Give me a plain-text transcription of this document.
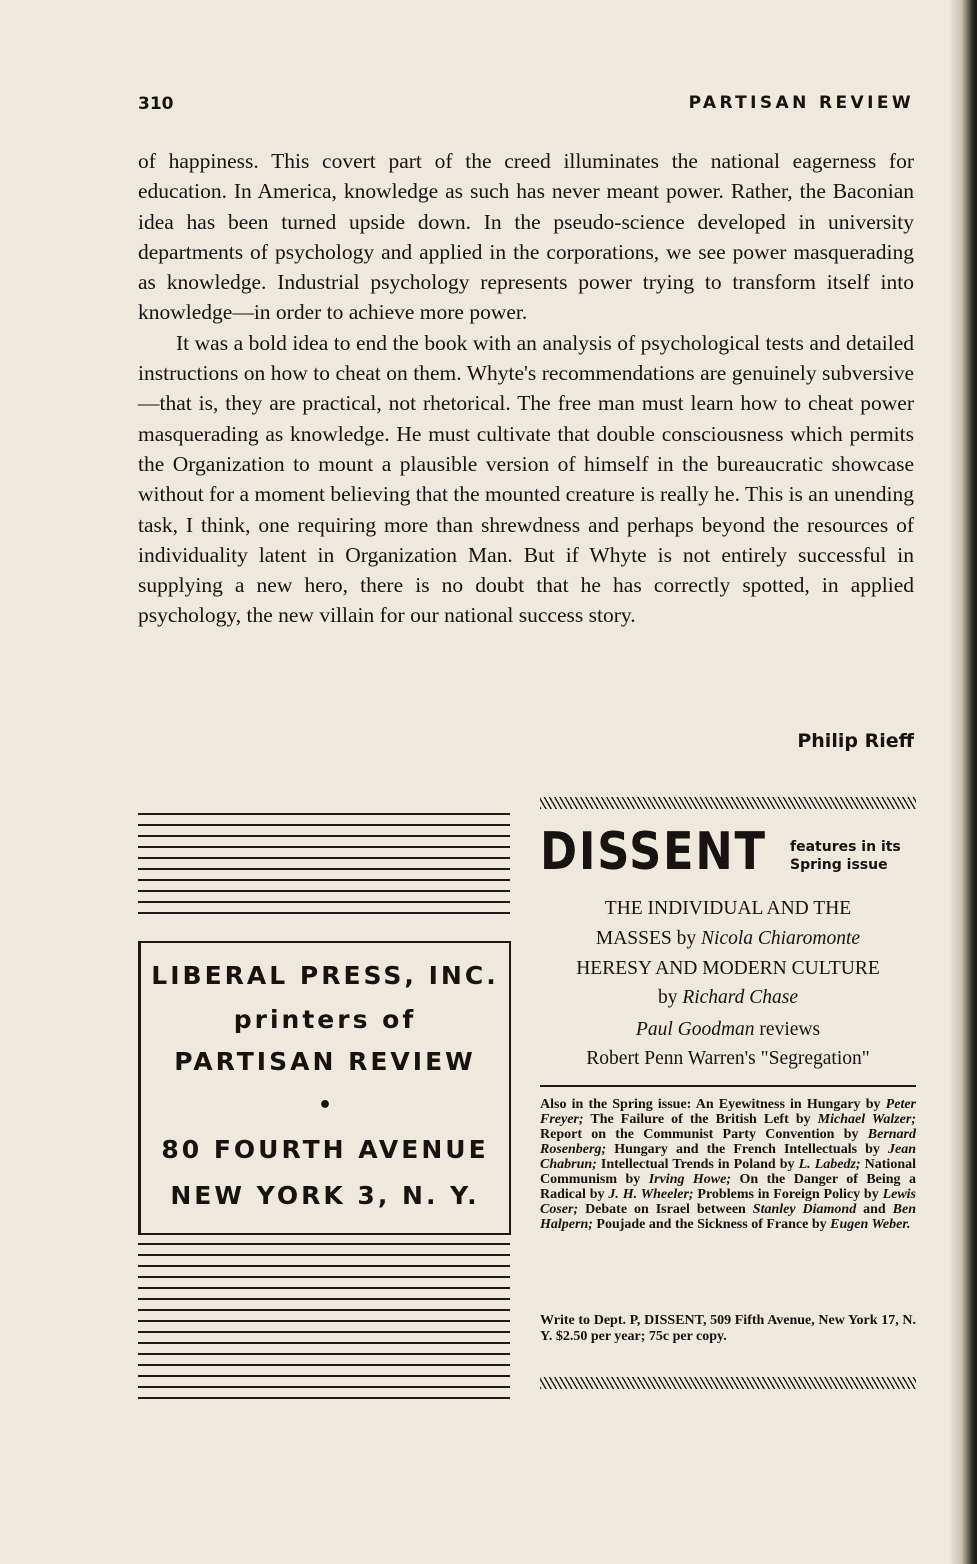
310	PARTISAN REVIEW

of happiness. This covert part of the creed illuminates the national eagerness for education. In America, knowledge as such has never meant power. Rather, the Baconian idea has been turned upside down. In the pseudo-science developed in university departments of psychology and applied in the corporations, we see power masquerading as knowledge. Industrial psychology represents power trying to transform itself into knowledge—in order to achieve more power.

It was a bold idea to end the book with an analysis of psychological tests and detailed instructions on how to cheat on them. Whyte's recommendations are genuinely subversive—that is, they are practical, not rhetorical. The free man must learn how to cheat power masquerading as knowledge. He must cultivate that double consciousness which permits the Organization to mount a plausible version of himself in the bureaucratic showcase without for a moment believing that the mounted creature is really he. This is an unending task, I think, one requiring more than shrewdness and perhaps beyond the resources of individuality latent in Organization Man. But if Whyte is not entirely successful in supplying a new hero, there is no doubt that he has correctly spotted, in applied psychology, the new villain for our national success story.

Philip Rieff
LIBERAL PRESS, INC.
printers of
PARTISAN REVIEW
•
80 FOURTH AVENUE
NEW YORK 3, N. Y.
DISSENT features in its
Spring issue
THE INDIVIDUAL AND THE
MASSES by Nicola Chiaromonte
HERESY AND MODERN CULTURE
by Richard Chase
Paul Goodman reviews
Robert Penn Warren's "Segregation"
Also in the Spring issue: An Eyewitness in Hungary by Peter Freyer; The Failure of the British Left by Michael Walzer; Report on the Communist Party Convention by Bernard Rosenberg; Hungary and the French Intellectuals by Jean Chabrun; Intellectual Trends in Poland by L. Labedz; National Communism by Irving Howe; On the Danger of Being a Radical by J. H. Wheeler; Problems in Foreign Policy by Lewis Coser; Debate on Israel between Stanley Diamond and Ben Halpern; Poujade and the Sickness of France by Eugen Weber.
Write to Dept. P, DISSENT, 509 Fifth Avenue, New York 17, N. Y. $2.50 per year; 75c per copy.
